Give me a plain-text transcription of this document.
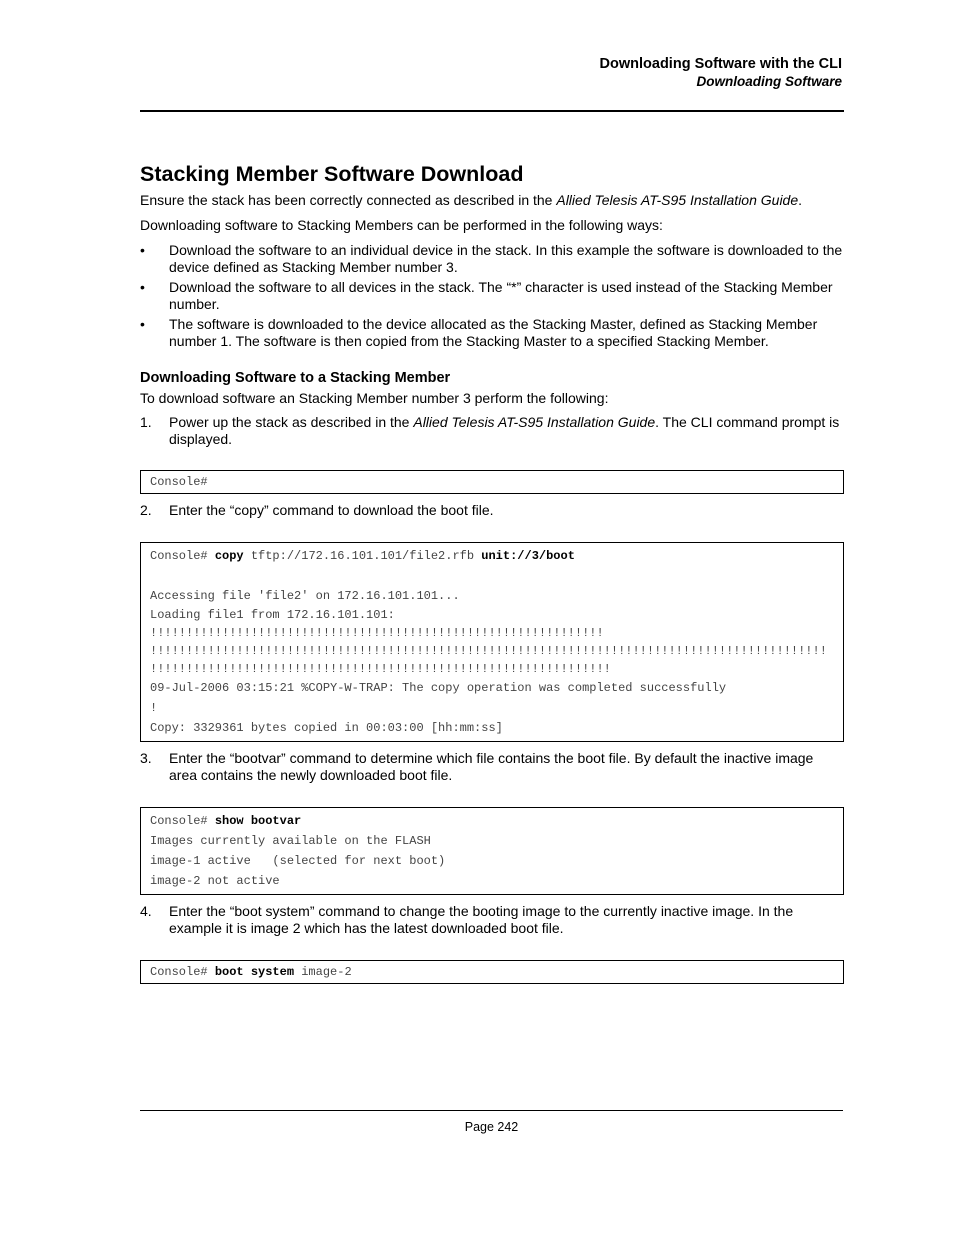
Downloading Software with the CLI
Downloading Software
Stacking Member Software Download

Ensure the stack has been correctly connected as described in the Allied Telesis AT-S95 Installation Guide.

Downloading software to Stacking Members can be performed in the following ways:

• Download the software to an individual device in the stack. In this example the software is downloaded to the device defined as Stacking Member number 3.
• Download the software to all devices in the stack. The “*” character is used instead of the Stacking Member number.
• The software is downloaded to the device allocated as the Stacking Master, defined as Stacking Member number 1. The software is then copied from the Stacking Master to a specified Stacking Member.
Downloading Software to a Stacking Member

To download software an Stacking Member number 3 perform the following:

1. Power up the stack as described in the Allied Telesis AT-S95 Installation Guide. The CLI command prompt is displayed.
Console#
2. Enter the “copy” command to download the boot file.
Console# copy tftp://172.16.101.101/file2.rfb unit://3/boot
Accessing file 'file2' on 172.16.101.101...
Loading file1 from 172.16.101.101:
!!!!!!!!!!!!!!!!!!!!!!!!!!!!!!!!!!!!!!!!!!!!!!!!!!!!!!!!!!!!!!!
!!!!!!!!!!!!!!!!!!!!!!!!!!!!!!!!!!!!!!!!!!!!!!!!!!!!!!!!!!!!!!!!!!!!!!!!!!!!!!!!!!!!!!!!!!!!!!
!!!!!!!!!!!!!!!!!!!!!!!!!!!!!!!!!!!!!!!!!!!!!!!!!!!!!!!!!!!!!!!!
09-Jul-2006 03:15:21 %COPY-W-TRAP: The copy operation was completed successfully
!
Copy: 3329361 bytes copied in 00:03:00 [hh:mm:ss]
3. Enter the “bootvar” command to determine which file contains the boot file. By default the inactive image area contains the newly downloaded boot file.
Console# show bootvar
Images currently available on the FLASH
image-1 active   (selected for next boot)
image-2 not active
4. Enter the “boot system” command to change the booting image to the currently inactive image. In the example it is image 2 which has the latest downloaded boot file.
Console# boot system image-2
Page 242
